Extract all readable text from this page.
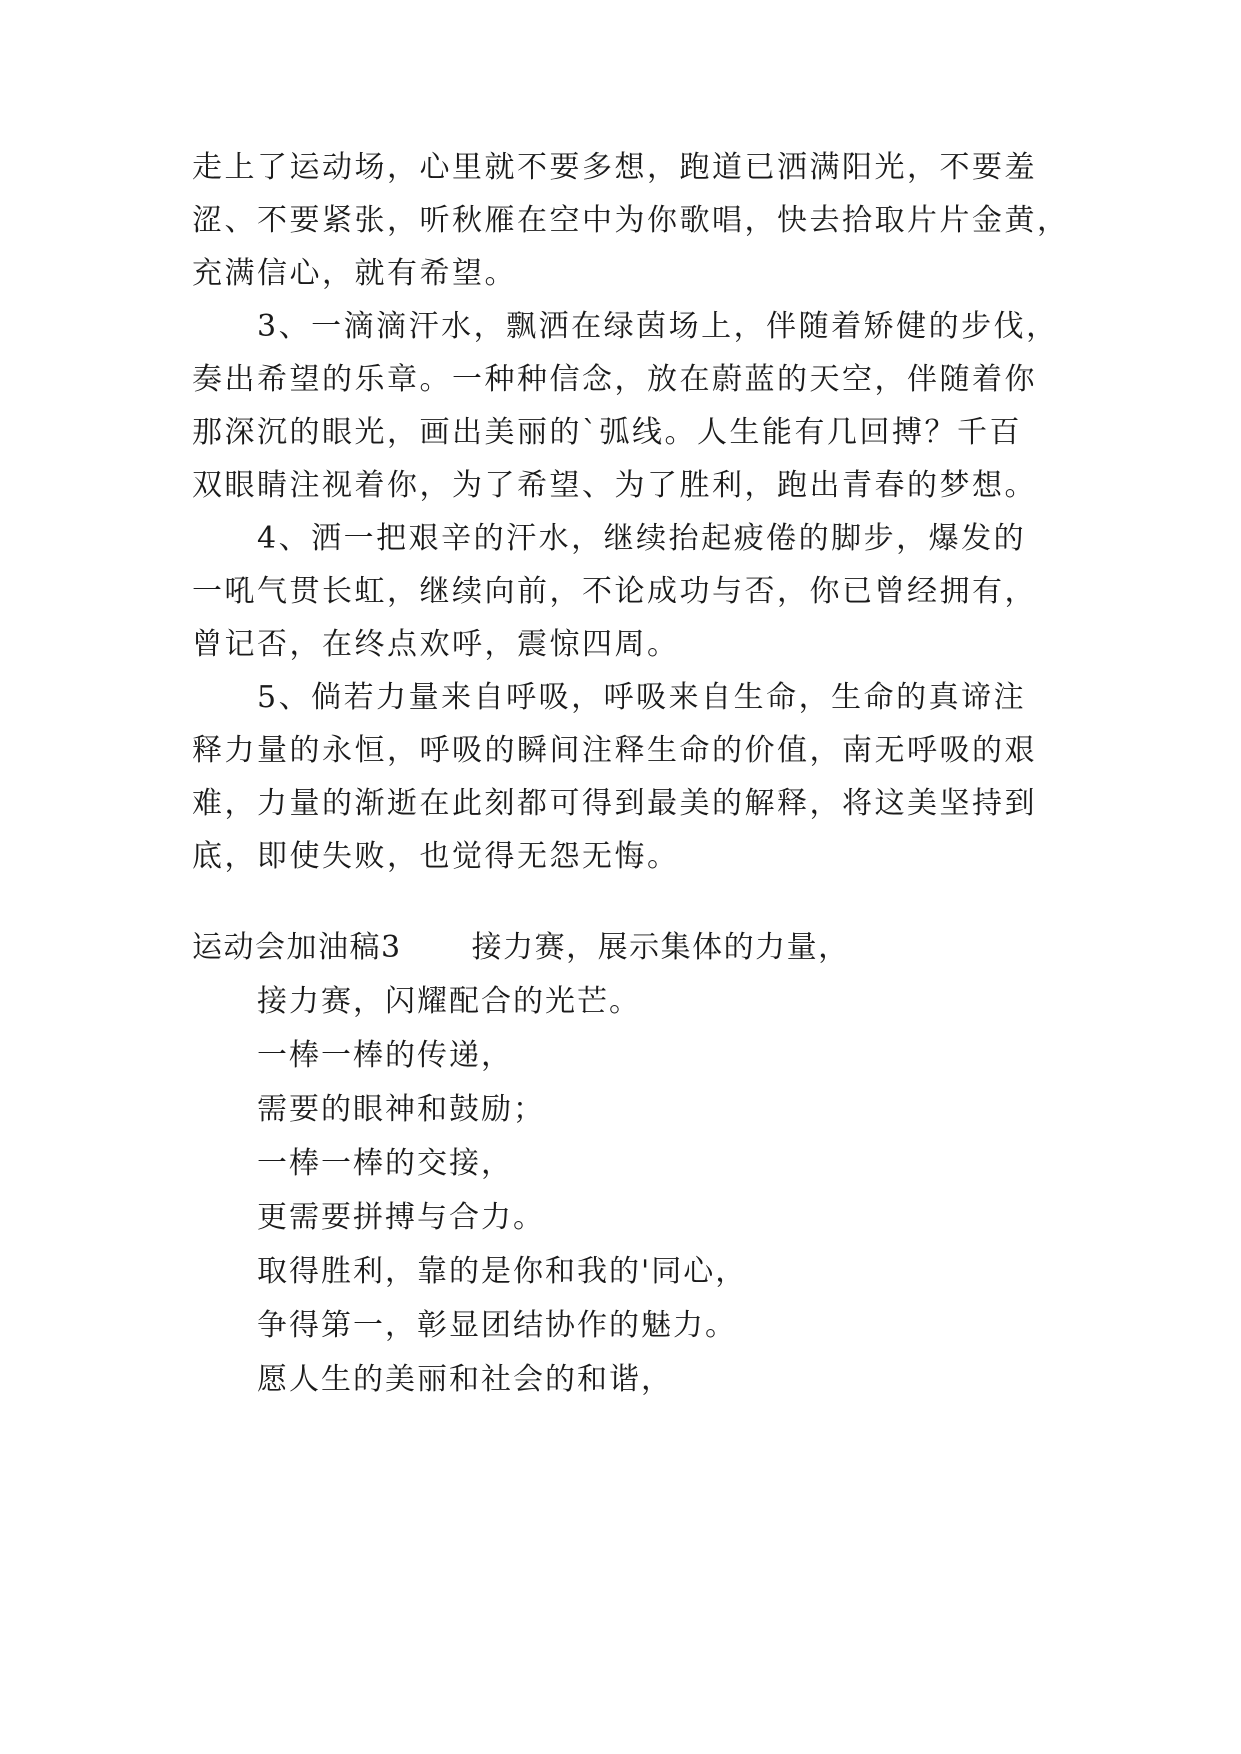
走上了运动场，心里就不要多想，跑道已洒满阳光，不要羞
涩、不要紧张，听秋雁在空中为你歌唱，快去拾取片片金黄，
充满信心，就有希望。
3、一滴滴汗水，飘洒在绿茵场上，伴随着矫健的步伐，
奏出希望的乐章。一种种信念，放在蔚蓝的天空，伴随着你
那深沉的眼光，画出美丽的`弧线。人生能有几回搏？千百
双眼睛注视着你，为了希望、为了胜利，跑出青春的梦想。
4、洒一把艰辛的汗水，继续抬起疲倦的脚步，爆发的
一吼气贯长虹，继续向前，不论成功与否，你已曾经拥有，
曾记否，在终点欢呼，震惊四周。
5、倘若力量来自呼吸，呼吸来自生命，生命的真谛注
释力量的永恒，呼吸的瞬间注释生命的价值，南无呼吸的艰
难，力量的渐逝在此刻都可得到最美的解释，将这美坚持到
底，即使失败，也觉得无怨无悔。
运动会加油稿3 接力赛，展示集体的力量，
接力赛，闪耀配合的光芒。
一棒一棒的传递，
需要的眼神和鼓励；
一棒一棒的交接，
更需要拼搏与合力。
取得胜利，靠的是你和我的'同心，
争得第一，彰显团结协作的魅力。
愿人生的美丽和社会的和谐，
